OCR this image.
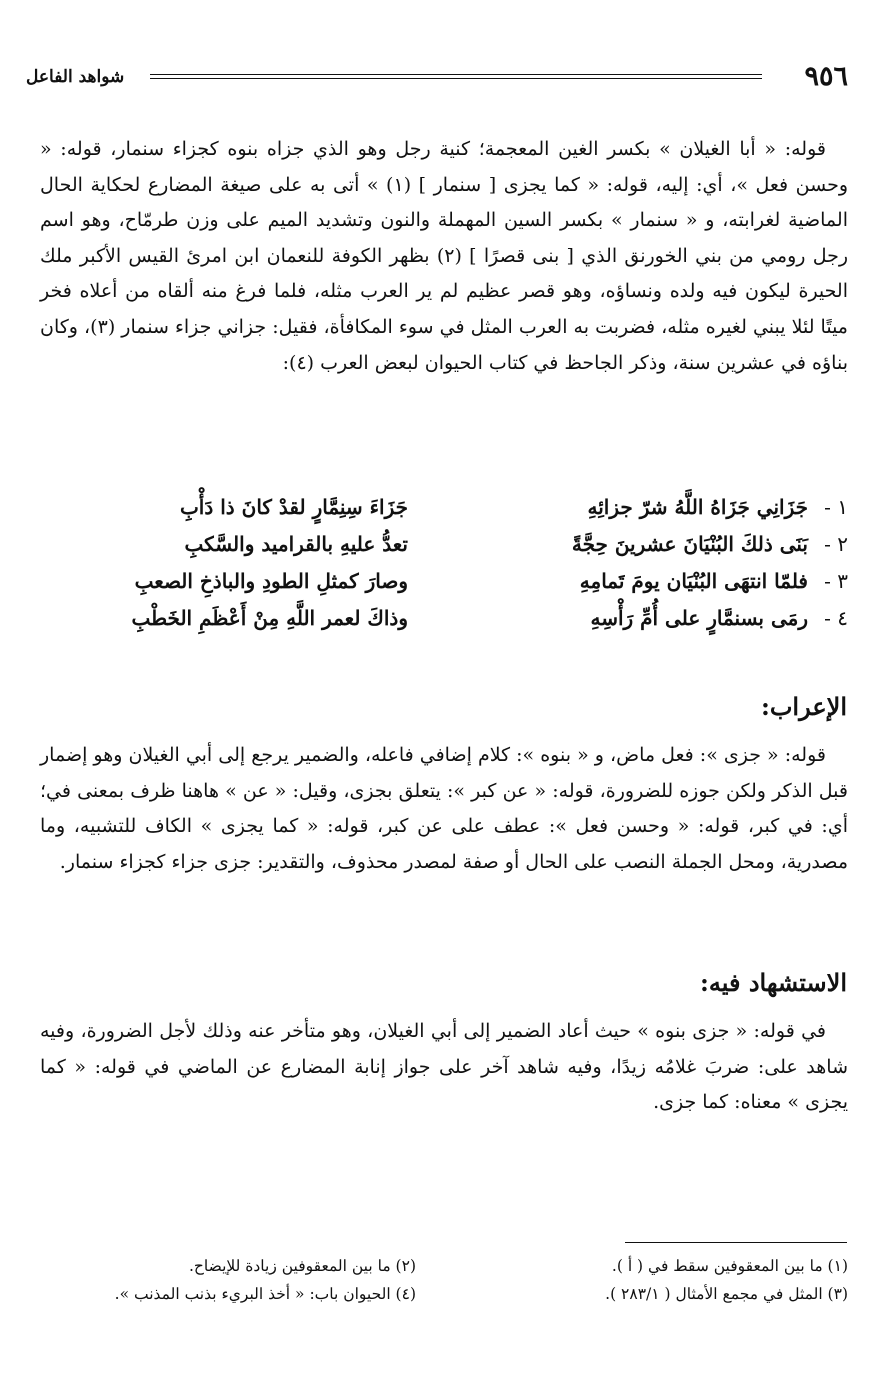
٩٥٦
شواهد الفاعل

قوله: « أبا الغيلان » بكسر الغين المعجمة؛ كنية رجل وهو الذي جزاه بنوه كجزاء سنمار، قوله: « وحسن فعل »، أي: إليه، قوله: « كما يجزى [ سنمار ] (١) » أتى به على صيغة المضارع لحكاية الحال الماضية لغرابته، و « سنمار » بكسر السين المهملة والنون وتشديد الميم على وزن طرمّاح، وهو اسم رجل رومي من بني الخورنق الذي [ بنى قصرًا ] (٢) بظهر الكوفة للنعمان ابن امرئ القيس الأكبر ملك الحيرة ليكون فيه ولده ونساؤه، وهو قصر عظيم لم ير العرب مثله، فلما فرغ منه ألقاه من أعلاه فخر ميتًا لئلا يبني لغيره مثله، فضربت به العرب المثل في سوء المكافأة، فقيل: جزاني جزاء سنمار (٣)، وكان بناؤه في عشرين سنة، وذكر الجاحظ في كتاب الحيوان لبعض العرب (٤):

١ -
جَزَانِي جَزَاهُ اللَّهُ شرّ جزائِهِ
جَزَاءَ سِنِمَّارٍ لقدْ كانَ ذا دَأْبِ
٢ -
بَنَى ذلكَ البُنْيَانَ عشرينَ حِجَّةً
تعدُّ عليهِ بالقراميد والسَّكبِ
٣ -
فلمّا انتهَى البُنْيَان يومَ تَمامِهِ
وصارَ كمثلِ الطودِ والباذخِ الصعبِ
٤ -
رمَى بسنمَّارٍ على أُمِّ رَأْسِهِ
وذاكَ لعمر اللَّهِ مِنْ أَعْظَمِ الخَطْبِ
الإعراب:

قوله: « جزى »: فعل ماض، و « بنوه »: كلام إضافي فاعله، والضمير يرجع إلى أبي الغيلان وهو إضمار قبل الذكر ولكن جوزه للضرورة، قوله: « عن كبر »: يتعلق بجزى، وقيل: « عن » هاهنا ظرف بمعنى في؛ أي: في كبر، قوله: « وحسن فعل »: عطف على عن كبر، قوله: « كما يجزى » الكاف للتشبيه، وما مصدرية، ومحل الجملة النصب على الحال أو صفة لمصدر محذوف، والتقدير: جزى جزاء كجزاء سنمار.

الاستشهاد فيه:

في قوله: « جزى بنوه » حيث أعاد الضمير إلى أبي الغيلان، وهو متأخر عنه وذلك لأجل الضرورة، وفيه شاهد على: ضربَ غلامُه زيدًا، وفيه شاهد آخر على جواز إنابة المضارع عن الماضي في قوله: « كما يجزى » معناه: كما جزى.

(١) ما بين المعقوفين سقط في ( أ ).
(٢) ما بين المعقوفين زيادة للإيضاح.
(٣) المثل في مجمع الأمثال ( ٢٨٣/١ ).
(٤) الحيوان باب: « أخذ البريء بذنب المذنب ».
